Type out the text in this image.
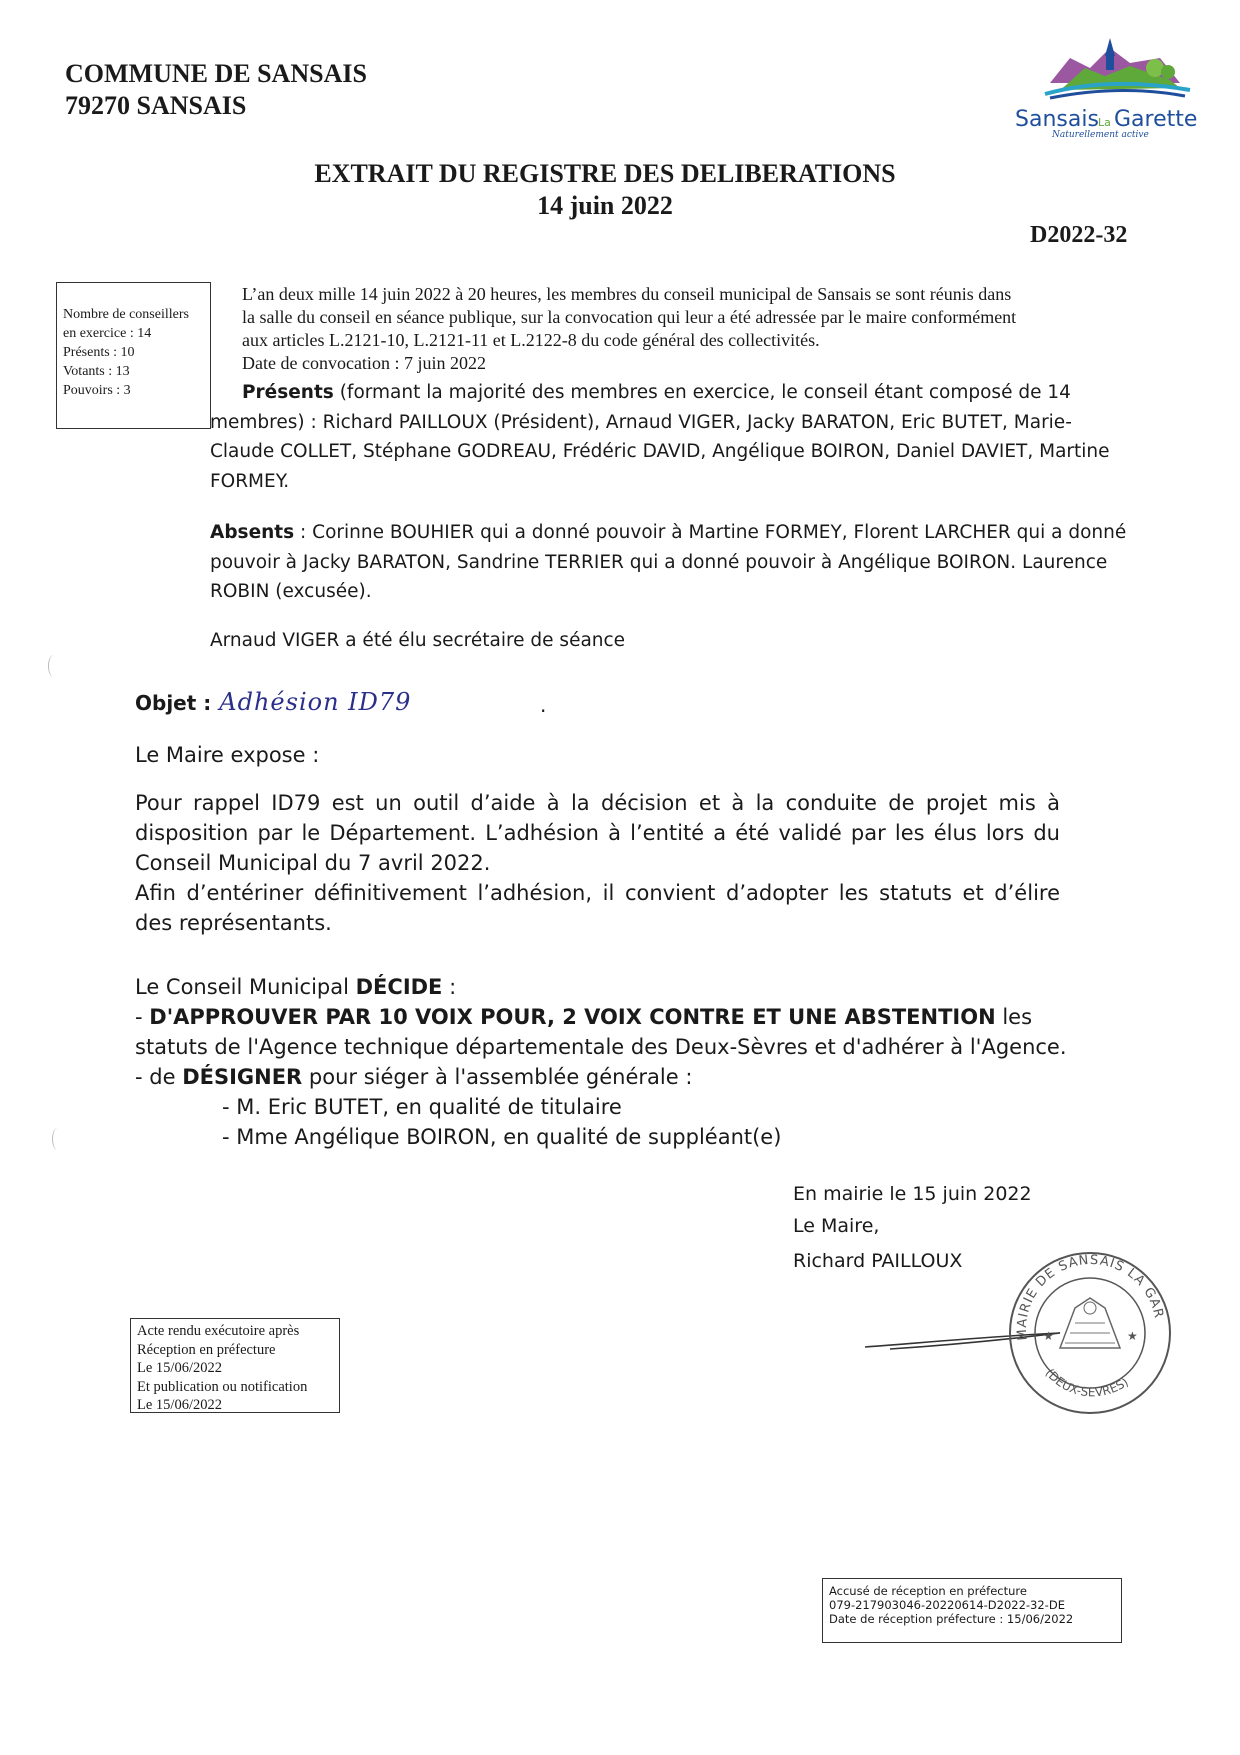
COMMUNE DE SANSAIS
79270 SANSAIS	Sansais La Garette
Naturellement active
EXTRAIT DU REGISTRE DES DELIBERATIONS
14 juin 2022
D2022-32
Nombre de conseillers
en exercice : 14
Présents : 10
Votants : 13
Pouvoirs : 3
L’an deux mille 14 juin 2022 à 20 heures, les membres du conseil municipal de Sansais se sont réunis dans
la salle du conseil en séance publique, sur la convocation qui leur a été adressée par le maire conformément
aux articles L.2121-10, L.2121-11 et L.2122-8 du code général des collectivités.
Date de convocation : 7 juin 2022

Présents (formant la majorité des membres en exercice, le conseil étant composé de 14 membres) : Richard PAILLOUX (Président), Arnaud VIGER, Jacky BARATON, Eric BUTET, Marie-Claude COLLET, Stéphane GODREAU, Frédéric DAVID, Angélique BOIRON, Daniel DAVIET, Martine FORMEY.

Absents : Corinne BOUHIER qui a donné pouvoir à Martine FORMEY, Florent LARCHER qui a donné pouvoir à Jacky BARATON, Sandrine TERRIER qui a donné pouvoir à Angélique BOIRON. Laurence ROBIN (excusée).

Arnaud VIGER a été élu secrétaire de séance
Objet : Adhésion ID79	.
Le Maire expose :

Pour rappel ID79 est un outil d’aide à la décision et à la conduite de projet mis à disposition par le Département. L’adhésion à l’entité a été validé par les élus lors du Conseil Municipal du 7 avril 2022.

Afin d’entériner définitivement l’adhésion, il convient d’adopter les statuts et d’élire des représentants.

Le Conseil Municipal DÉCIDE :
- D'APPROUVER PAR 10 VOIX POUR, 2 VOIX CONTRE ET UNE ABSTENTION les statuts de l'Agence technique départementale des Deux-Sèvres et d'adhérer à l'Agence.
- de DÉSIGNER pour siéger à l'assemblée générale :
- M. Eric BUTET, en qualité de titulaire
- Mme Angélique BOIRON, en qualité de suppléant(e)
En mairie le 15 juin 2022
Le Maire,
Richard PAILLOUX
MAIRIE DE SANSAIS LA GAR
(DEUX-SEVRES)
★	★
Acte rendu exécutoire après
Réception en préfecture
Le 15/06/2022
Et publication ou notification
Le 15/06/2022
Accusé de réception en préfecture
079-217903046-20220614-D2022-32-DE
Date de réception préfecture : 15/06/2022
